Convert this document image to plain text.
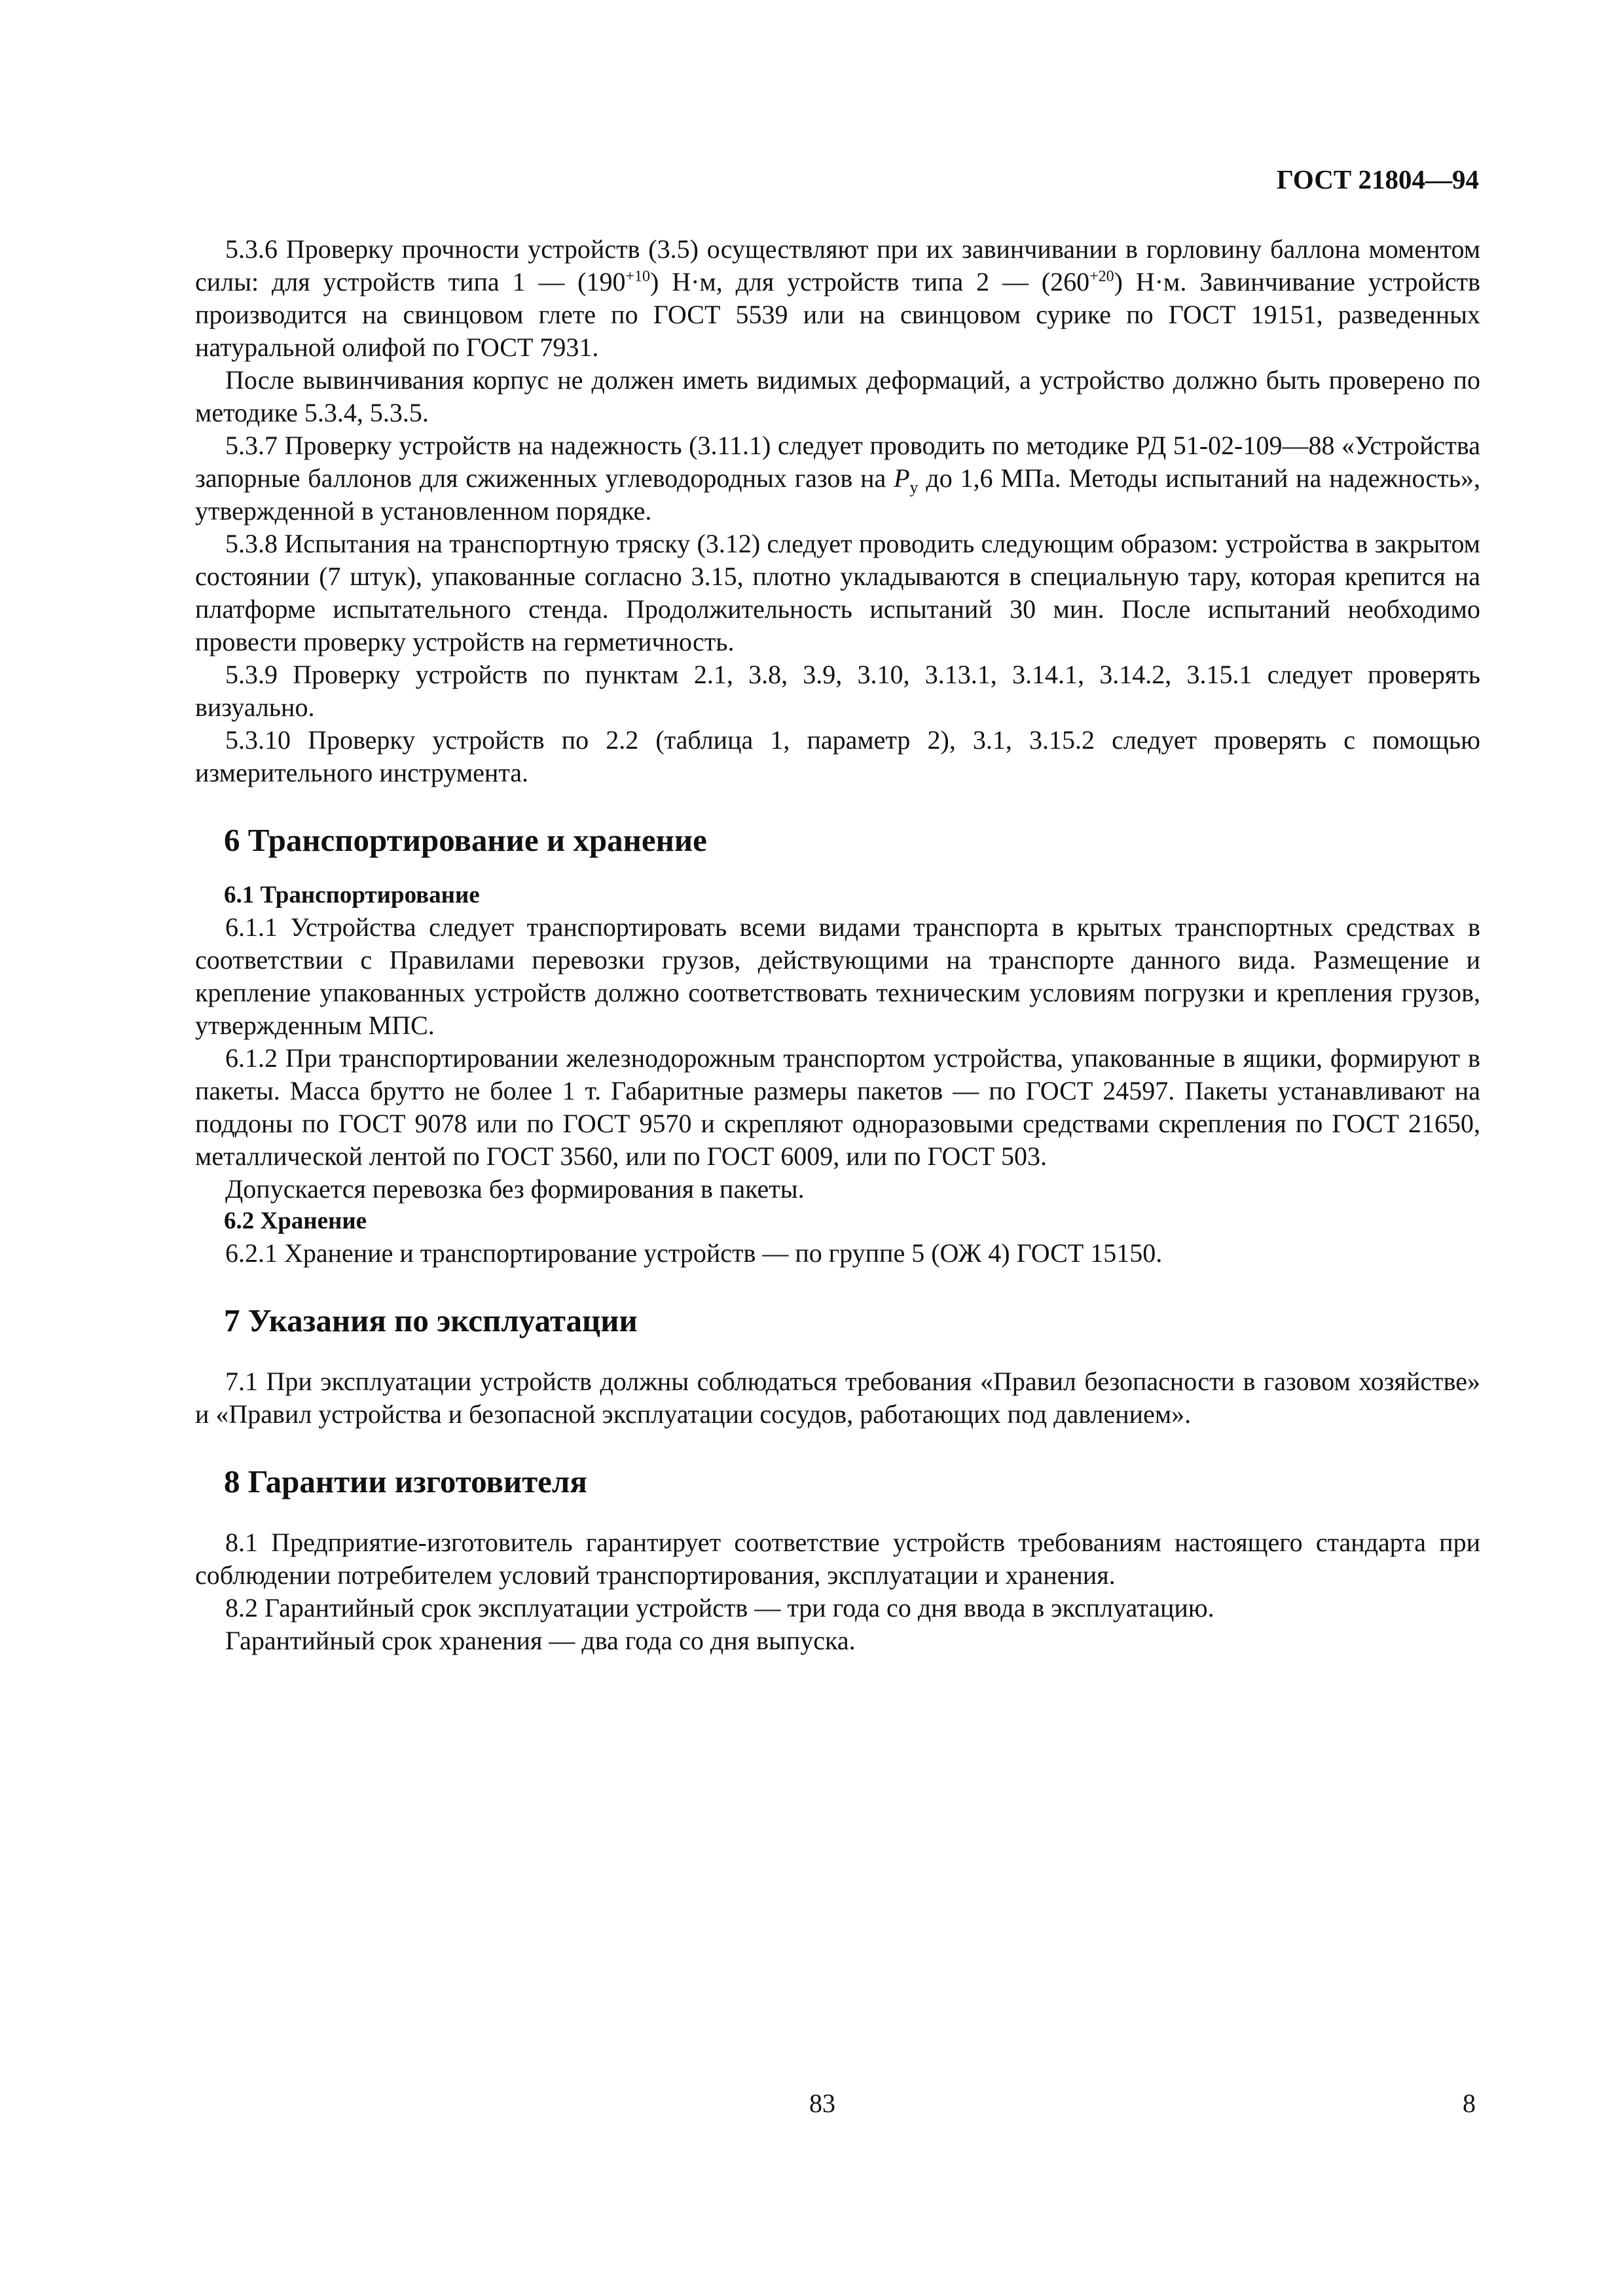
ГОСТ 21804—94

5.3.6 Проверку прочности устройств (3.5) осуществляют при их завинчивании в горловину баллона моментом силы: для устройств типа 1 — $(190^{+10})$ Н·м, для устройств типа 2 — $(260^{+20})$ Н·м. Завинчивание устройств производится на свинцовом глете по ГОСТ 5539 или на свинцовом сурике по ГОСТ 19151, разведенных натуральной олифой по ГОСТ 7931.

После вывинчивания корпус не должен иметь видимых деформаций, а устройство должно быть проверено по методике 5.3.4, 5.3.5.

5.3.7 Проверку устройств на надежность (3.11.1) следует проводить по методике РД 51-02-109—88 «Устройства запорные баллонов для сжиженных углеводородных газов на $P_у$ до 1,6 МПа. Методы испытаний на надежность», утвержденной в установленном порядке.

5.3.8 Испытания на транспортную тряску (3.12) следует проводить следующим образом: устройства в закрытом состоянии (7 штук), упакованные согласно 3.15, плотно укладываются в специальную тару, которая крепится на платформе испытательного стенда. Продолжительность испытаний 30 мин. После испытаний необходимо провести проверку устройств на герметичность.

5.3.9 Проверку устройств по пунктам 2.1, 3.8, 3.9, 3.10, 3.13.1, 3.14.1, 3.14.2, 3.15.1 следует проверять визуально.

5.3.10 Проверку устройств по 2.2 (таблица 1, параметр 2), 3.1, 3.15.2 следует проверять с помощью измерительного инструмента.

6 Транспортирование и хранение
6.1 Транспортирование

6.1.1 Устройства следует транспортировать всеми видами транспорта в крытых транспортных средствах в соответствии с Правилами перевозки грузов, действующими на транспорте данного вида. Размещение и крепление упакованных устройств должно соответствовать техническим условиям погрузки и крепления грузов, утвержденным МПС.

6.1.2 При транспортировании железнодорожным транспортом устройства, упакованные в ящики, формируют в пакеты. Масса брутто не более 1 т. Габаритные размеры пакетов — по ГОСТ 24597. Пакеты устанавливают на поддоны по ГОСТ 9078 или по ГОСТ 9570 и скрепляют одноразовыми средствами скрепления по ГОСТ 21650, металлической лентой по ГОСТ 3560, или по ГОСТ 6009, или по ГОСТ 503.

Допускается перевозка без формирования в пакеты.

6.2 Хранение

6.2.1 Хранение и транспортирование устройств — по группе 5 (ОЖ 4) ГОСТ 15150.

7 Указания по эксплуатации

7.1 При эксплуатации устройств должны соблюдаться требования «Правил безопасности в газовом хозяйстве» и «Правил устройства и безопасной эксплуатации сосудов, работающих под давлением».

8 Гарантии изготовителя

8.1 Предприятие-изготовитель гарантирует соответствие устройств требованиям настоящего стандарта при соблюдении потребителем условий транспортирования, эксплуатации и хранения.

8.2 Гарантийный срок эксплуатации устройств — три года со дня ввода в эксплуатацию.

Гарантийный срок хранения — два года со дня выпуска.

83	8
